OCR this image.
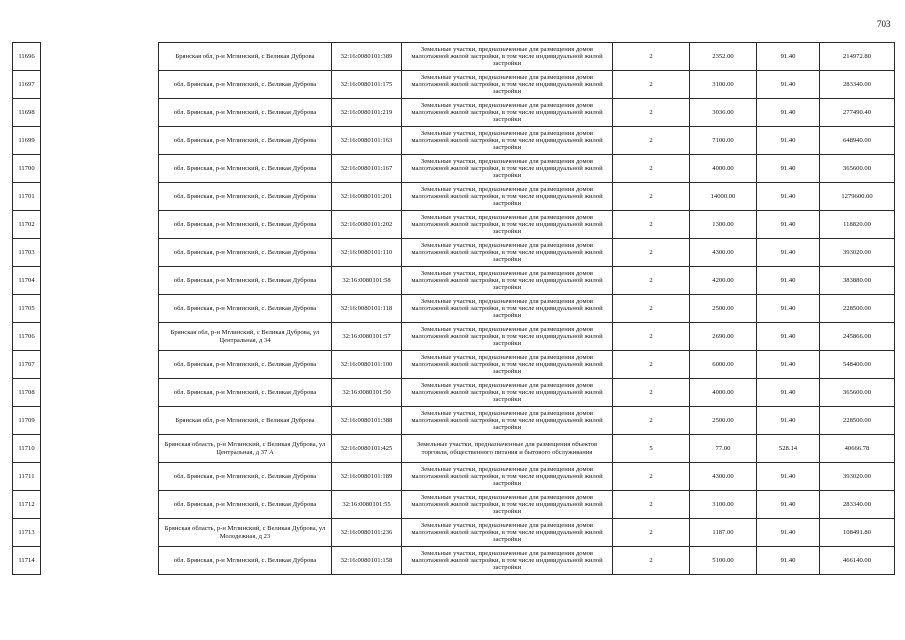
703
11696		Брянская обл, р-н Мглинский, с Великая Дуброва	32:16:0080101:389	Земельные участки, предназначенные для размещения домов малоэтажной жилой застройки, в том числе индивидуальной жилой застройки	2	2352.00	91.40	214972.80
11697		обл. Брянская, р-н Мглинский, с. Великая Дуброва	32:16:0080101:175	Земельные участки, предназначенные для размещения домов малоэтажной жилой застройки, в том числе индивидуальной жилой застройки	2	3100.00	91.40	283340.00
11698		обл. Брянская, р-н Мглинский, с. Великая Дуброва	32:16:0080101:219	Земельные участки, предназначенные для размещения домов малоэтажной жилой застройки, в том числе индивидуальной жилой застройки	2	3036.00	91.40	277490.40
11699		обл. Брянская, р-н Мглинский, с. Великая Дуброва	32:16:0080101:163	Земельные участки, предназначенные для размещения домов малоэтажной жилой застройки, в том числе индивидуальной жилой застройки	2	7100.00	91.40	648940.00
11700		обл. Брянская, р-н Мглинский, с. Великая Дуброва	32:16:0080101:167	Земельные участки, предназначенные для размещения домов малоэтажной жилой застройки, в том числе индивидуальной жилой застройки	2	4000.00	91.40	365600.00
11701		обл. Брянская, р-н Мглинский, с. Великая Дуброва	32:16:0080101:201	Земельные участки, предназначенные для размещения домов малоэтажной жилой застройки, в том числе индивидуальной жилой застройки	2	14000.00	91.40	1279600.00
11702		обл. Брянская, р-н Мглинский, с. Великая Дуброва	32:16:0080101:202	Земельные участки, предназначенные для размещения домов малоэтажной жилой застройки, в том числе индивидуальной жилой застройки	2	1300.00	91.40	118820.00
11703		обл. Брянская, р-н Мглинский, с. Великая Дуброва	32:16:0080101:110	Земельные участки, предназначенные для размещения домов малоэтажной жилой застройки, в том числе индивидуальной жилой застройки	2	4300.00	91.40	393020.00
11704		обл. Брянская, р-н Мглинский, с. Великая Дуброва	32:16:0080101:58	Земельные участки, предназначенные для размещения домов малоэтажной жилой застройки, в том числе индивидуальной жилой застройки	2	4200.00	91.40	383880.00
11705		обл. Брянская, р-н Мглинский, с. Великая Дуброва	32:16:0080101:118	Земельные участки, предназначенные для размещения домов малоэтажной жилой застройки, в том числе индивидуальной жилой застройки	2	2500.00	91.40	228500.00
11706		Брянская обл, р-н Мглинский, с Великая Дуброва, ул Центральная, д 34	32:16:0080101:57	Земельные участки, предназначенные для размещения домов малоэтажной жилой застройки, в том числе индивидуальной жилой застройки	2	2690.00	91.40	245866.00
11707		обл. Брянская, р-н Мглинский, с. Великая Дуброва	32:16:0080101:100	Земельные участки, предназначенные для размещения домов малоэтажной жилой застройки, в том числе индивидуальной жилой застройки	2	6000.00	91.40	548400.00
11708		обл. Брянская, р-н Мглинский, с. Великая Дуброва	32:16:0080101:50	Земельные участки, предназначенные для размещения домов малоэтажной жилой застройки, в том числе индивидуальной жилой застройки	2	4000.00	91.40	365600.00
11709		Брянская обл, р-н Мглинский, с Великая Дуброва	32:16:0080101:388	Земельные участки, предназначенные для размещения домов малоэтажной жилой застройки, в том числе индивидуальной жилой застройки	2	2500.00	91.40	228500.00
11710		Брянская область, р-н Мглинский, с Великая Дуброва, ул Центральная, д 37 А	32:16:0080101:425	Земельные участки, предназначенные для размещения объектов торговли, общественного питания и бытового обслуживания	5	77.00	528.14	40666.78
11711		обл. Брянская, р-н Мглинский, с. Великая Дуброва	32:16:0080101:189	Земельные участки, предназначенные для размещения домов малоэтажной жилой застройки, в том числе индивидуальной жилой застройки	2	4300.00	91.40	393020.00
11712		обл. Брянская, р-н Мглинский, с. Великая Дуброва	32:16:0080101:55	Земельные участки, предназначенные для размещения домов малоэтажной жилой застройки, в том числе индивидуальной жилой застройки	2	3100.00	91.40	283340.00
11713		Брянская область, р-н Мглинский, с Великая Дуброва, ул Молодежная, д 23	32:16:0080101:236	Земельные участки, предназначенные для размещения домов малоэтажной жилой застройки, в том числе индивидуальной жилой застройки	2	1187.00	91.40	108491.80
11714		обл. Брянская, р-н Мглинский, с. Великая Дуброва	32:16:0080101:158	Земельные участки, предназначенные для размещения домов малоэтажной жилой застройки, в том числе индивидуальной жилой застройки	2	5100.00	91.40	466140.00
